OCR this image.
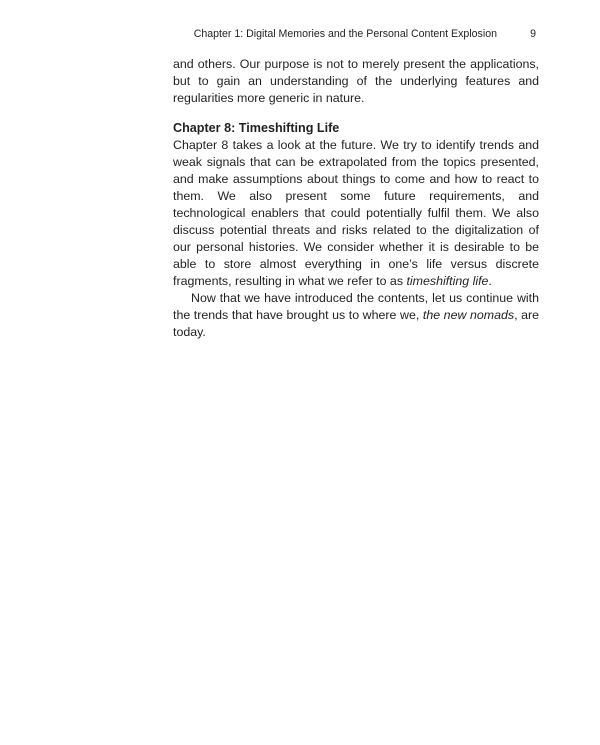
Chapter 1: Digital Memories and the Personal Content Explosion	9

and others. Our purpose is not to merely present the applications, but to gain an understanding of the underlying features and regularities more generic in nature.

Chapter 8: Timeshifting Life

Chapter 8 takes a look at the future. We try to identify trends and weak signals that can be extrapolated from the topics presented, and make assumptions about things to come and how to react to them. We also present some future requirements, and technological enablers that could potentially fulfil them. We also discuss potential threats and risks related to the digitalization of our personal histories. We consider whether it is desirable to be able to store almost everything in one’s life versus discrete fragments, resulting in what we refer to as timeshifting life.

Now that we have introduced the contents, let us continue with the trends that have brought us to where we, the new nomads, are today.
